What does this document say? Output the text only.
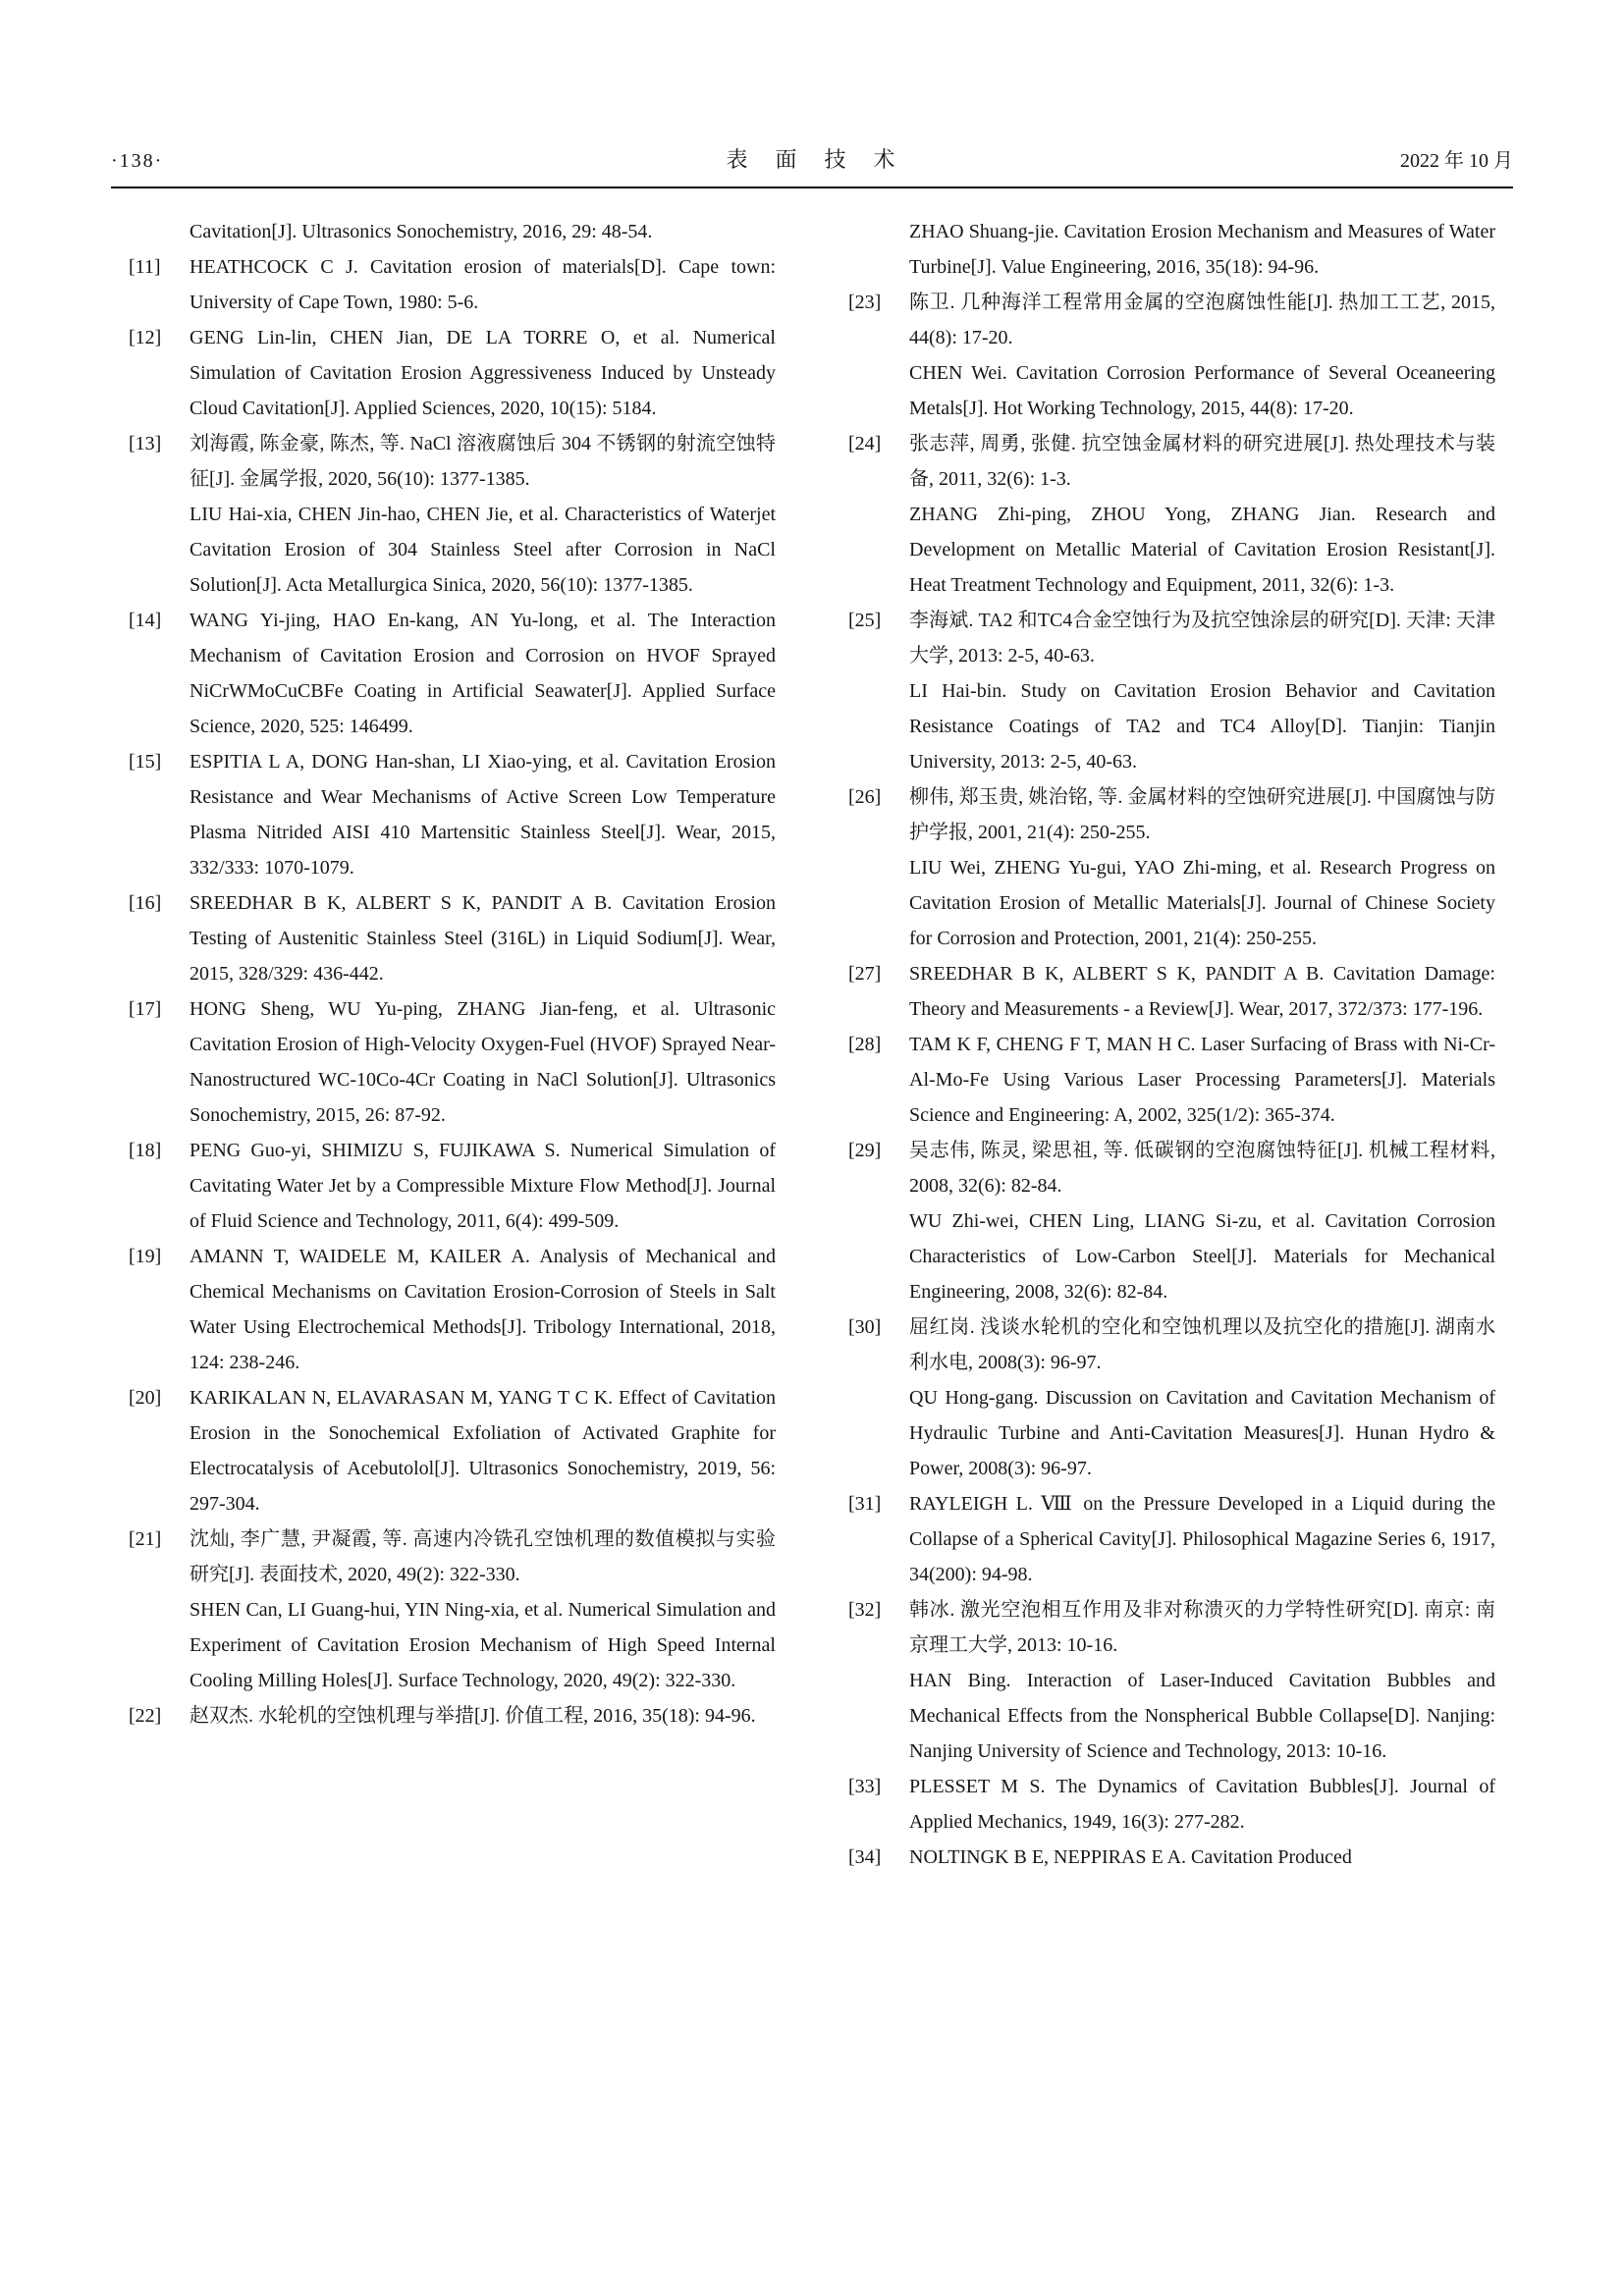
·138·	表　面　技　术	2022 年 10 月

Cavitation[J]. Ultrasonics Sonochemistry, 2016, 29: 48-54.

[11]	HEATHCOCK C J. Cavitation erosion of materials[D]. Cape town: University of Cape Town, 1980: 5-6.

[12]	GENG Lin-lin, CHEN Jian, DE LA TORRE O, et al. Numerical Simulation of Cavitation Erosion Aggressiveness Induced by Unsteady Cloud Cavitation[J]. Applied Sciences, 2020, 10(15): 5184.

[13]	刘海霞, 陈金豪, 陈杰, 等. NaCl 溶液腐蚀后 304 不锈钢的射流空蚀特征[J]. 金属学报, 2020, 56(10): 1377-1385.

LIU Hai-xia, CHEN Jin-hao, CHEN Jie, et al. Characteristics of Waterjet Cavitation Erosion of 304 Stainless Steel after Corrosion in NaCl Solution[J]. Acta Metallurgica Sinica, 2020, 56(10): 1377-1385.

[14]	WANG Yi-jing, HAO En-kang, AN Yu-long, et al. The Interaction Mechanism of Cavitation Erosion and Corrosion on HVOF Sprayed NiCrWMoCuCBFe Coating in Artificial Seawater[J]. Applied Surface Science, 2020, 525: 146499.

[15]	ESPITIA L A, DONG Han-shan, LI Xiao-ying, et al. Cavitation Erosion Resistance and Wear Mechanisms of Active Screen Low Temperature Plasma Nitrided AISI 410 Martensitic Stainless Steel[J]. Wear, 2015, 332/333: 1070-1079.

[16]	SREEDHAR B K, ALBERT S K, PANDIT A B. Cavitation Erosion Testing of Austenitic Stainless Steel (316L) in Liquid Sodium[J]. Wear, 2015, 328/329: 436-442.

[17]	HONG Sheng, WU Yu-ping, ZHANG Jian-feng, et al. Ultrasonic Cavitation Erosion of High-Velocity Oxygen-Fuel (HVOF) Sprayed Near-Nanostructured WC-10Co-4Cr Coating in NaCl Solution[J]. Ultrasonics Sonochemistry, 2015, 26: 87-92.

[18]	PENG Guo-yi, SHIMIZU S, FUJIKAWA S. Numerical Simulation of Cavitating Water Jet by a Compressible Mixture Flow Method[J]. Journal of Fluid Science and Technology, 2011, 6(4): 499-509.

[19]	AMANN T, WAIDELE M, KAILER A. Analysis of Mechanical and Chemical Mechanisms on Cavitation Erosion-Corrosion of Steels in Salt Water Using Electrochemical Methods[J]. Tribology International, 2018, 124: 238-246.

[20]	KARIKALAN N, ELAVARASAN M, YANG T C K. Effect of Cavitation Erosion in the Sonochemical Exfoliation of Activated Graphite for Electrocatalysis of Acebutolol[J]. Ultrasonics Sonochemistry, 2019, 56: 297-304.

[21]	沈灿, 李广慧, 尹凝霞, 等. 高速内冷铣孔空蚀机理的数值模拟与实验研究[J]. 表面技术, 2020, 49(2): 322-330.

SHEN Can, LI Guang-hui, YIN Ning-xia, et al. Numerical Simulation and Experiment of Cavitation Erosion Mechanism of High Speed Internal Cooling Milling Holes[J]. Surface Technology, 2020, 49(2): 322-330.

[22]	赵双杰. 水轮机的空蚀机理与举措[J]. 价值工程, 2016, 35(18): 94-96.

ZHAO Shuang-jie. Cavitation Erosion Mechanism and Measures of Water Turbine[J]. Value Engineering, 2016, 35(18): 94-96.

[23]	陈卫. 几种海洋工程常用金属的空泡腐蚀性能[J]. 热加工工艺, 2015, 44(8): 17-20.

CHEN Wei. Cavitation Corrosion Performance of Several Oceaneering Metals[J]. Hot Working Technology, 2015, 44(8): 17-20.

[24]	张志萍, 周勇, 张健. 抗空蚀金属材料的研究进展[J]. 热处理技术与装备, 2011, 32(6): 1-3.

ZHANG Zhi-ping, ZHOU Yong, ZHANG Jian. Research and Development on Metallic Material of Cavitation Erosion Resistant[J]. Heat Treatment Technology and Equipment, 2011, 32(6): 1-3.

[25]	李海斌. TA2 和TC4合金空蚀行为及抗空蚀涂层的研究[D]. 天津: 天津大学, 2013: 2-5, 40-63.

LI Hai-bin. Study on Cavitation Erosion Behavior and Cavitation Resistance Coatings of TA2 and TC4 Alloy[D]. Tianjin: Tianjin University, 2013: 2-5, 40-63.

[26]	柳伟, 郑玉贵, 姚治铭, 等. 金属材料的空蚀研究进展[J]. 中国腐蚀与防护学报, 2001, 21(4): 250-255.

LIU Wei, ZHENG Yu-gui, YAO Zhi-ming, et al. Research Progress on Cavitation Erosion of Metallic Materials[J]. Journal of Chinese Society for Corrosion and Protection, 2001, 21(4): 250-255.

[27]	SREEDHAR B K, ALBERT S K, PANDIT A B. Cavitation Damage: Theory and Measurements - a Review[J]. Wear, 2017, 372/373: 177-196.

[28]	TAM K F, CHENG F T, MAN H C. Laser Surfacing of Brass with Ni-Cr-Al-Mo-Fe Using Various Laser Processing Parameters[J]. Materials Science and Engineering: A, 2002, 325(1/2): 365-374.

[29]	吴志伟, 陈灵, 梁思祖, 等. 低碳钢的空泡腐蚀特征[J]. 机械工程材料, 2008, 32(6): 82-84.

WU Zhi-wei, CHEN Ling, LIANG Si-zu, et al. Cavitation Corrosion Characteristics of Low-Carbon Steel[J]. Materials for Mechanical Engineering, 2008, 32(6): 82-84.

[30]	屈红岗. 浅谈水轮机的空化和空蚀机理以及抗空化的措施[J]. 湖南水利水电, 2008(3): 96-97.

QU Hong-gang. Discussion on Cavitation and Cavitation Mechanism of Hydraulic Turbine and Anti-Cavitation Measures[J]. Hunan Hydro & Power, 2008(3): 96-97.

[31]	RAYLEIGH L. Ⅷ on the Pressure Developed in a Liquid during the Collapse of a Spherical Cavity[J]. Philosophical Magazine Series 6, 1917, 34(200): 94-98.

[32]	韩冰. 激光空泡相互作用及非对称溃灭的力学特性研究[D]. 南京: 南京理工大学, 2013: 10-16.

HAN Bing. Interaction of Laser-Induced Cavitation Bubbles and Mechanical Effects from the Nonspherical Bubble Collapse[D]. Nanjing: Nanjing University of Science and Technology, 2013: 10-16.

[33]	PLESSET M S. The Dynamics of Cavitation Bubbles[J]. Journal of Applied Mechanics, 1949, 16(3): 277-282.

[34]	NOLTINGK B E, NEPPIRAS E A. Cavitation Produced
